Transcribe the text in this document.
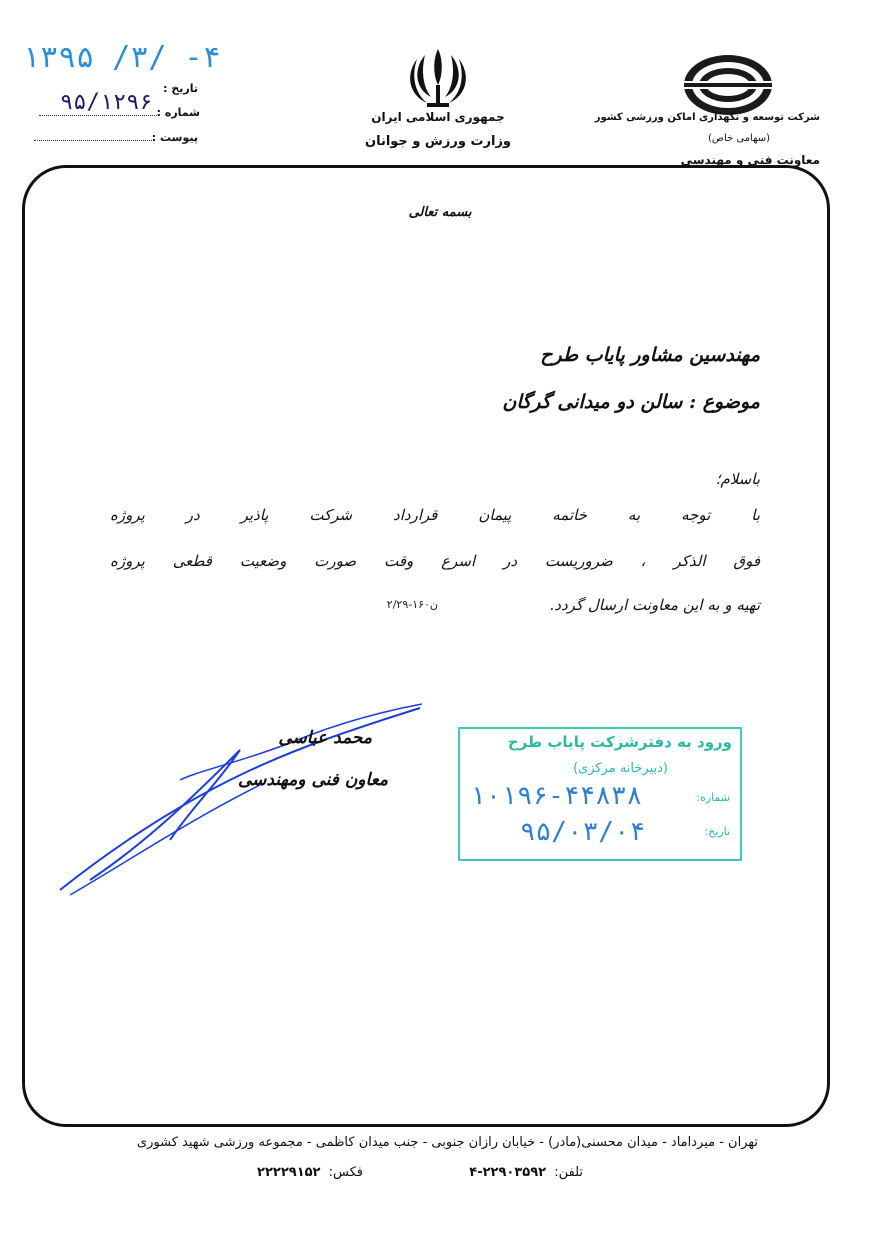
شرکت توسعه و نگهداری اماکن ورزشی کشور
(سهامی خاص)
معاونت فنی و مهندسی
جمهوری اسلامی ایران
وزارت ورزش و جوانان
تاریخ :
شماره :
پیوست :
۱۳۹۵ /۳/ -۴
۹۵/۱۲۹۶
بسمه تعالی
مهندسین مشاور پایاب طرح
موضوع : سالن دو میدانی گرگان
باسلام؛
با توجه به خاتمه پیمان قرارداد شرکت پاذیر در پروژه
فوق الذکر ، ضروریست در اسرع وقت صورت وضعیت قطعی پروژه
تهیه و به این معاونت ارسال گردد.
۲/۲۹-۱۶۰ن
محمد عباسی
معاون فنی ومهندسی
ورود به دفترشرکت پایاب طرح
(دبیرخانه مرکزی)
شماره:
تاریخ:
۱۰۱۹۶-۴۴۸۳۸
۹۵/۰۳/۰۴
تهران - میرداماد - میدان محسنی(مادر) - خیابان رازان جنوبی - جنب میدان کاظمی - مجموعه ورزشی شهید کشوری
تلفن: ۲۲۹۰۳۵۹۲-۴
فکس: ۲۲۲۲۹۱۵۲
